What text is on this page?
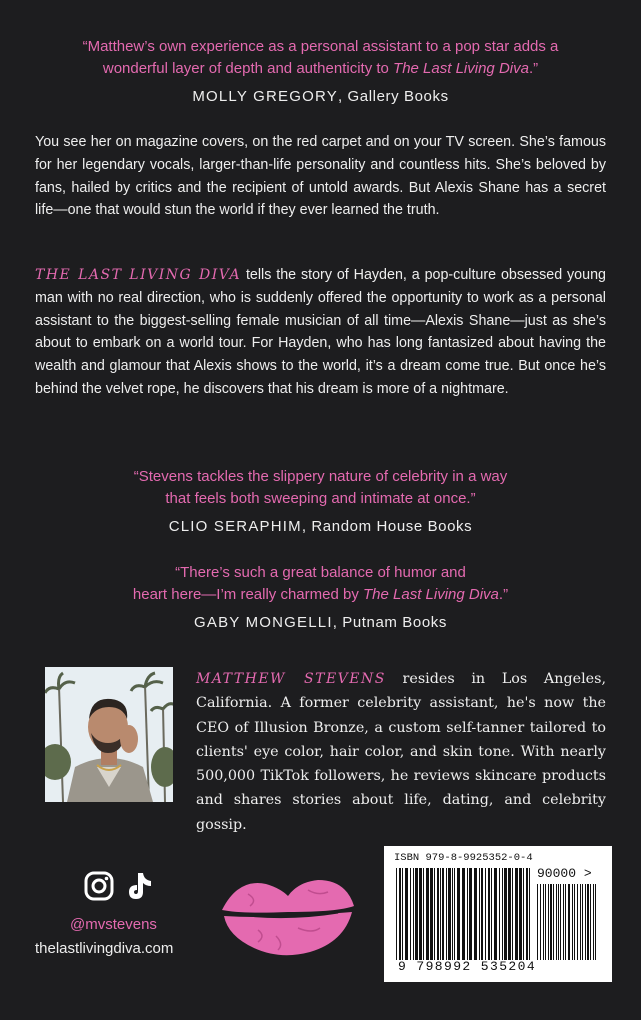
“Matthew’s own experience as a personal assistant to a pop star adds a
wonderful layer of depth and authenticity to The Last Living Diva.”
MOLLY GREGORY, Gallery Books
You see her on magazine covers, on the red carpet and on your TV screen. She’s famous for her legendary vocals, larger-than-life personality and countless hits. She’s beloved by fans, hailed by critics and the recipient of untold awards. But Alexis Shane has a secret life—one that would stun the world if they ever learned the truth.
THE LAST LIVING DIVA tells the story of Hayden, a pop-culture obsessed young man with no real direction, who is suddenly offered the opportunity to work as a personal assistant to the biggest-selling female musician of all time—Alexis Shane—just as she’s about to embark on a world tour. For Hayden, who has long fantasized about having the wealth and glamour that Alexis shows to the world, it’s a dream come true. But once he’s behind the velvet rope, he discovers that his dream is more of a nightmare.
“Stevens tackles the slippery nature of celebrity in a way
that feels both sweeping and intimate at once.”
CLIO SERAPHIM, Random House Books
“There’s such a great balance of humor and
heart here—I’m really charmed by The Last Living Diva.”
GABY MONGELLI, Putnam Books
MATTHEW STEVENS resides in Los Angeles, California. A former celebrity assistant, he's now the CEO of Illusion Bronze, a custom self-tanner tailored to clients' eye color, hair color, and skin tone. With nearly 500,000 TikTok followers, he reviews skincare products and shares stories about life, dating, and celebrity gossip.
@mvstevens
thelastlivingdiva.com
ISBN 979-8-9925352-0-4
90000 >
9 798992 535204
